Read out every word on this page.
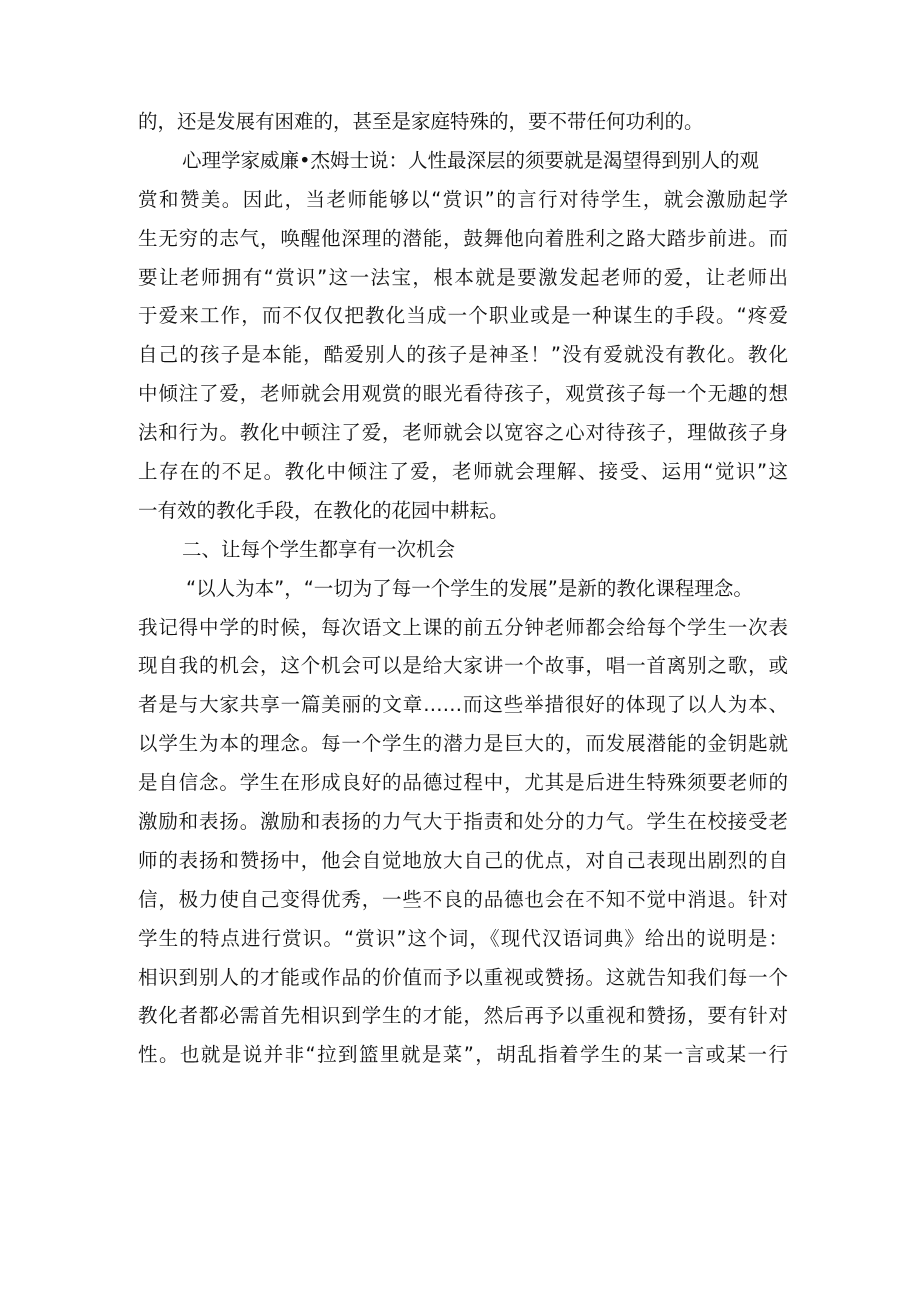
的，还是发展有困难的，甚至是家庭特殊的，要不带任何功利的。
心理学家威廉•杰姆士说：人性最深层的须要就是渴望得到别人的观
赏和赞美。因此，当老师能够以“赏识”的言行对待学生，就会激励起学
生无穷的志气，唤醒他深理的潜能，鼓舞他向着胜利之路大踏步前进。而
要让老师拥有“赏识”这一法宝，根本就是要激发起老师的爱，让老师出
于爱来工作，而不仅仅把教化当成一个职业或是一种谋生的手段。“疼爱
自己的孩子是本能，酷爱别人的孩子是神圣！”没有爱就没有教化。教化
中倾注了爱，老师就会用观赏的眼光看待孩子，观赏孩子每一个无趣的想
法和行为。教化中顿注了爱，老师就会以宽容之心对待孩子，理做孩子身
上存在的不足。教化中倾注了爱，老师就会理解、接受、运用“觉识”这
一有效的教化手段，在教化的花园中耕耘。
二、让每个学生都享有一次机会
“以人为本”，“一切为了每一个学生的发展”是新的教化课程理念。
我记得中学的时候，每次语文上课的前五分钟老师都会给每个学生一次表
现自我的机会，这个机会可以是给大家讲一个故事，唱一首离别之歌，或
者是与大家共享一篇美丽的文章……而这些举措很好的体现了以人为本、
以学生为本的理念。每一个学生的潜力是巨大的，而发展潜能的金钥匙就
是自信念。学生在形成良好的品德过程中，尤其是后进生特殊须要老师的
激励和表扬。激励和表扬的力气大于指责和处分的力气。学生在校接受老
师的表扬和赞扬中，他会自觉地放大自己的优点，对自己表现出剧烈的自
信，极力使自己变得优秀，一些不良的品德也会在不知不觉中消退。针对
学生的特点进行赏识。“赏识”这个词，《现代汉语词典》给出的说明是：
相识到别人的才能或作品的价值而予以重视或赞扬。这就告知我们每一个
教化者都必需首先相识到学生的才能，然后再予以重视和赞扬，要有针对
性。也就是说并非“拉到篮里就是菜”，胡乱指着学生的某一言或某一行
